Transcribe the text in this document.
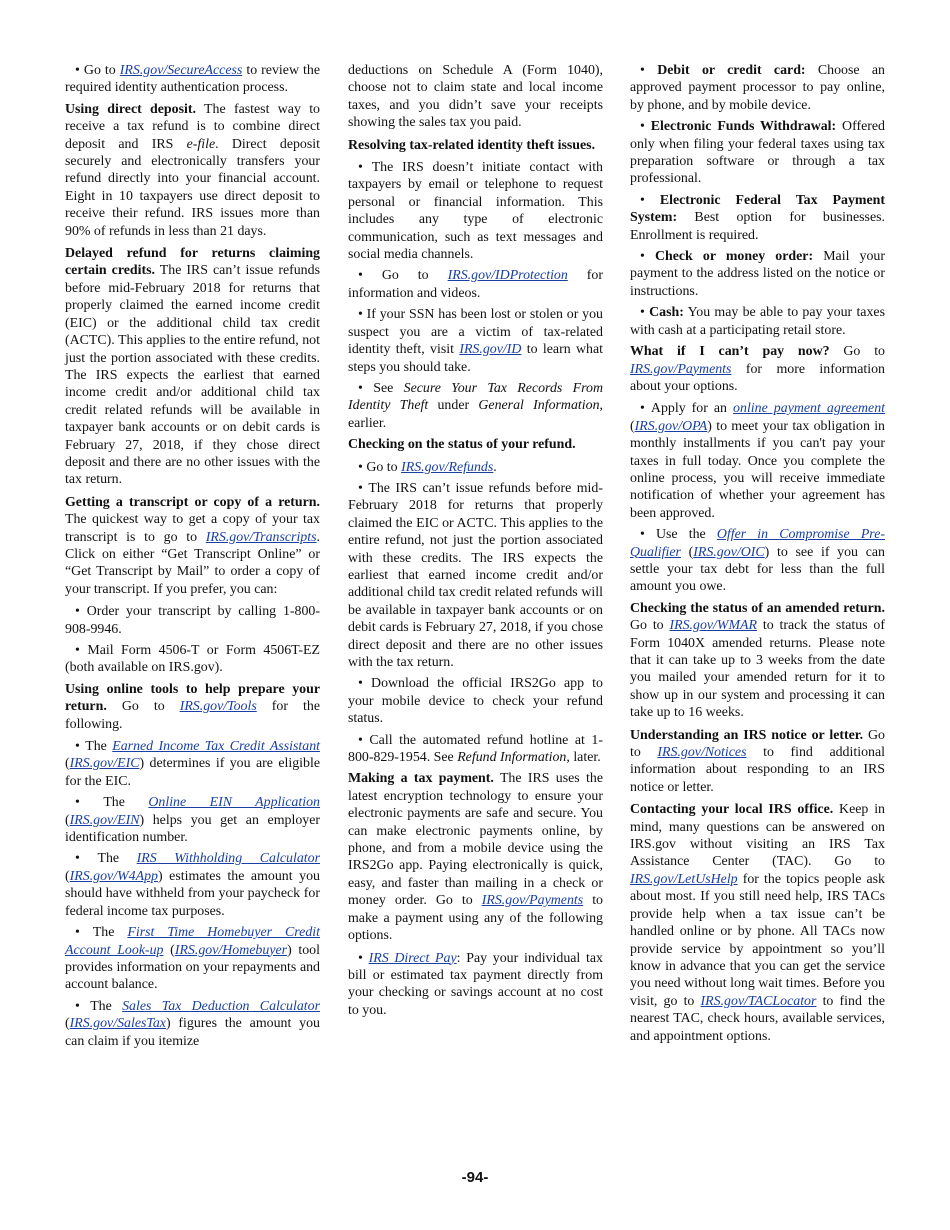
• Go to IRS.gov/SecureAccess to review the required identity authentication process.

Using direct deposit. The fastest way to receive a tax refund is to combine direct deposit and IRS e-file. Direct deposit securely and electronically transfers your refund directly into your financial account. Eight in 10 taxpayers use direct deposit to receive their refund. IRS issues more than 90% of refunds in less than 21 days.

Delayed refund for returns claiming certain credits. The IRS can’t issue refunds before mid-February 2018 for returns that properly claimed the earned income credit (EIC) or the additional child tax credit (ACTC). This applies to the entire refund, not just the portion associated with these credits. The IRS expects the earliest that earned income credit and/or additional child tax credit related refunds will be available in taxpayer bank accounts or on debit cards is February 27, 2018, if they chose direct deposit and there are no other issues with the tax return.

Getting a transcript or copy of a return. The quickest way to get a copy of your tax transcript is to go to IRS.gov/Transcripts. Click on either “Get Transcript Online” or “Get Transcript by Mail” to order a copy of your transcript. If you prefer, you can:

• Order your transcript by calling 1-800-908-9946.

• Mail Form 4506-T or Form 4506T-EZ (both available on IRS.gov).

Using online tools to help prepare your return. Go to IRS.gov/Tools for the following.

• The Earned Income Tax Credit Assistant (IRS.gov/EIC) determines if you are eligible for the EIC.

• The Online EIN Application (IRS.gov/EIN) helps you get an employer identification number.

• The IRS Withholding Calculator (IRS.gov/W4App) estimates the amount you should have withheld from your paycheck for federal income tax purposes.

• The First Time Homebuyer Credit Account Look-up (IRS.gov/Homebuyer) tool provides information on your repayments and account balance.

• The Sales Tax Deduction Calculator (IRS.gov/SalesTax) figures the amount you can claim if you itemize

deductions on Schedule A (Form 1040), choose not to claim state and local income taxes, and you didn’t save your receipts showing the sales tax you paid.

Resolving tax-related identity theft issues.

• The IRS doesn’t initiate contact with taxpayers by email or telephone to request personal or financial information. This includes any type of electronic communication, such as text messages and social media channels.

• Go to IRS.gov/IDProtection for information and videos.

• If your SSN has been lost or stolen or you suspect you are a victim of tax-related identity theft, visit IRS.gov/ID to learn what steps you should take.

• See Secure Your Tax Records From Identity Theft under General Information, earlier.

Checking on the status of your refund.

• Go to IRS.gov/Refunds.

• The IRS can’t issue refunds before mid-February 2018 for returns that properly claimed the EIC or ACTC. This applies to the entire refund, not just the portion associated with these credits. The IRS expects the earliest that earned income credit and/or additional child tax credit related refunds will be available in taxpayer bank accounts or on debit cards is February 27, 2018, if you chose direct deposit and there are no other issues with the tax return.

• Download the official IRS2Go app to your mobile device to check your refund status.

• Call the automated refund hotline at 1-800-829-1954. See Refund Information, later.

Making a tax payment. The IRS uses the latest encryption technology to ensure your electronic payments are safe and secure. You can make electronic payments online, by phone, and from a mobile device using the IRS2Go app. Paying electronically is quick, easy, and faster than mailing in a check or money order. Go to IRS.gov/Payments to make a payment using any of the following options.

• IRS Direct Pay: Pay your individual tax bill or estimated tax payment directly from your checking or savings account at no cost to you.

• Debit or credit card: Choose an approved payment processor to pay online, by phone, and by mobile device.

• Electronic Funds Withdrawal: Offered only when filing your federal taxes using tax preparation software or through a tax professional.

• Electronic Federal Tax Payment System: Best option for businesses. Enrollment is required.

• Check or money order: Mail your payment to the address listed on the notice or instructions.

• Cash: You may be able to pay your taxes with cash at a participating retail store.

What if I can’t pay now? Go to IRS.gov/Payments for more information about your options.

• Apply for an online payment agreement (IRS.gov/OPA) to meet your tax obligation in monthly installments if you can't pay your taxes in full today. Once you complete the online process, you will receive immediate notification of whether your agreement has been approved.

• Use the Offer in Compromise Pre-Qualifier (IRS.gov/OIC) to see if you can settle your tax debt for less than the full amount you owe.

Checking the status of an amended return. Go to IRS.gov/WMAR to track the status of Form 1040X amended returns. Please note that it can take up to 3 weeks from the date you mailed your amended return for it to show up in our system and processing it can take up to 16 weeks.

Understanding an IRS notice or letter. Go to IRS.gov/Notices to find additional information about responding to an IRS notice or letter.

Contacting your local IRS office. Keep in mind, many questions can be answered on IRS.gov without visiting an IRS Tax Assistance Center (TAC). Go to IRS.gov/LetUsHelp for the topics people ask about most. If you still need help, IRS TACs provide help when a tax issue can’t be handled online or by phone. All TACs now provide service by appointment so you’ll know in advance that you can get the service you need without long wait times. Before you visit, go to IRS.gov/TACLocator to find the nearest TAC, check hours, available services, and appointment options.

-94-
